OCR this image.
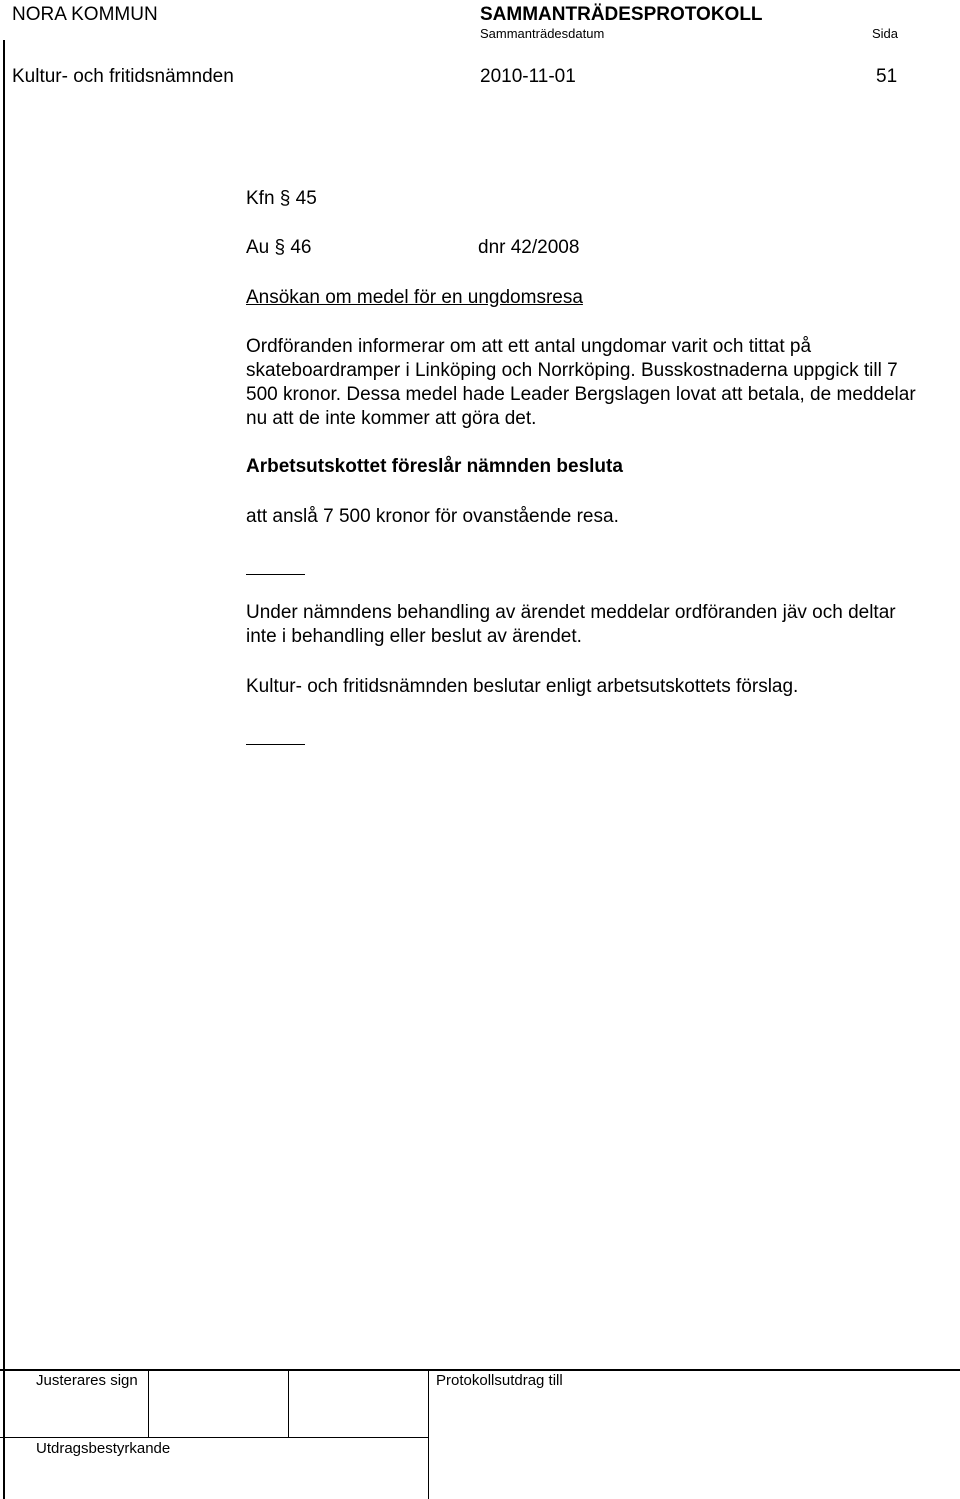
NORA KOMMUN	SAMMANTRÄDESPROTOKOLL
Sammanträdesdatum	Sida
Kultur- och fritidsnämnden	2010-11-01	51
Kfn § 45
Au § 46	dnr 42/2008
Ansökan om medel för en ungdomsresa
Ordföranden informerar om att ett antal ungdomar varit och tittat på skateboardramper i Linköping och Norrköping. Busskostnaderna uppgick till 7 500 kronor. Dessa medel hade Leader Bergslagen lovat att betala, de meddelar nu att de inte kommer att göra det.
Arbetsutskottet föreslår nämnden besluta
att anslå 7 500 kronor för ovanstående resa.
Under nämndens behandling av ärendet meddelar ordföranden jäv och deltar inte i behandling eller beslut av ärendet.
Kultur- och fritidsnämnden beslutar enligt arbetsutskottets förslag.
Justerares sign	Protokollsutdrag till
Utdragsbestyrkande
